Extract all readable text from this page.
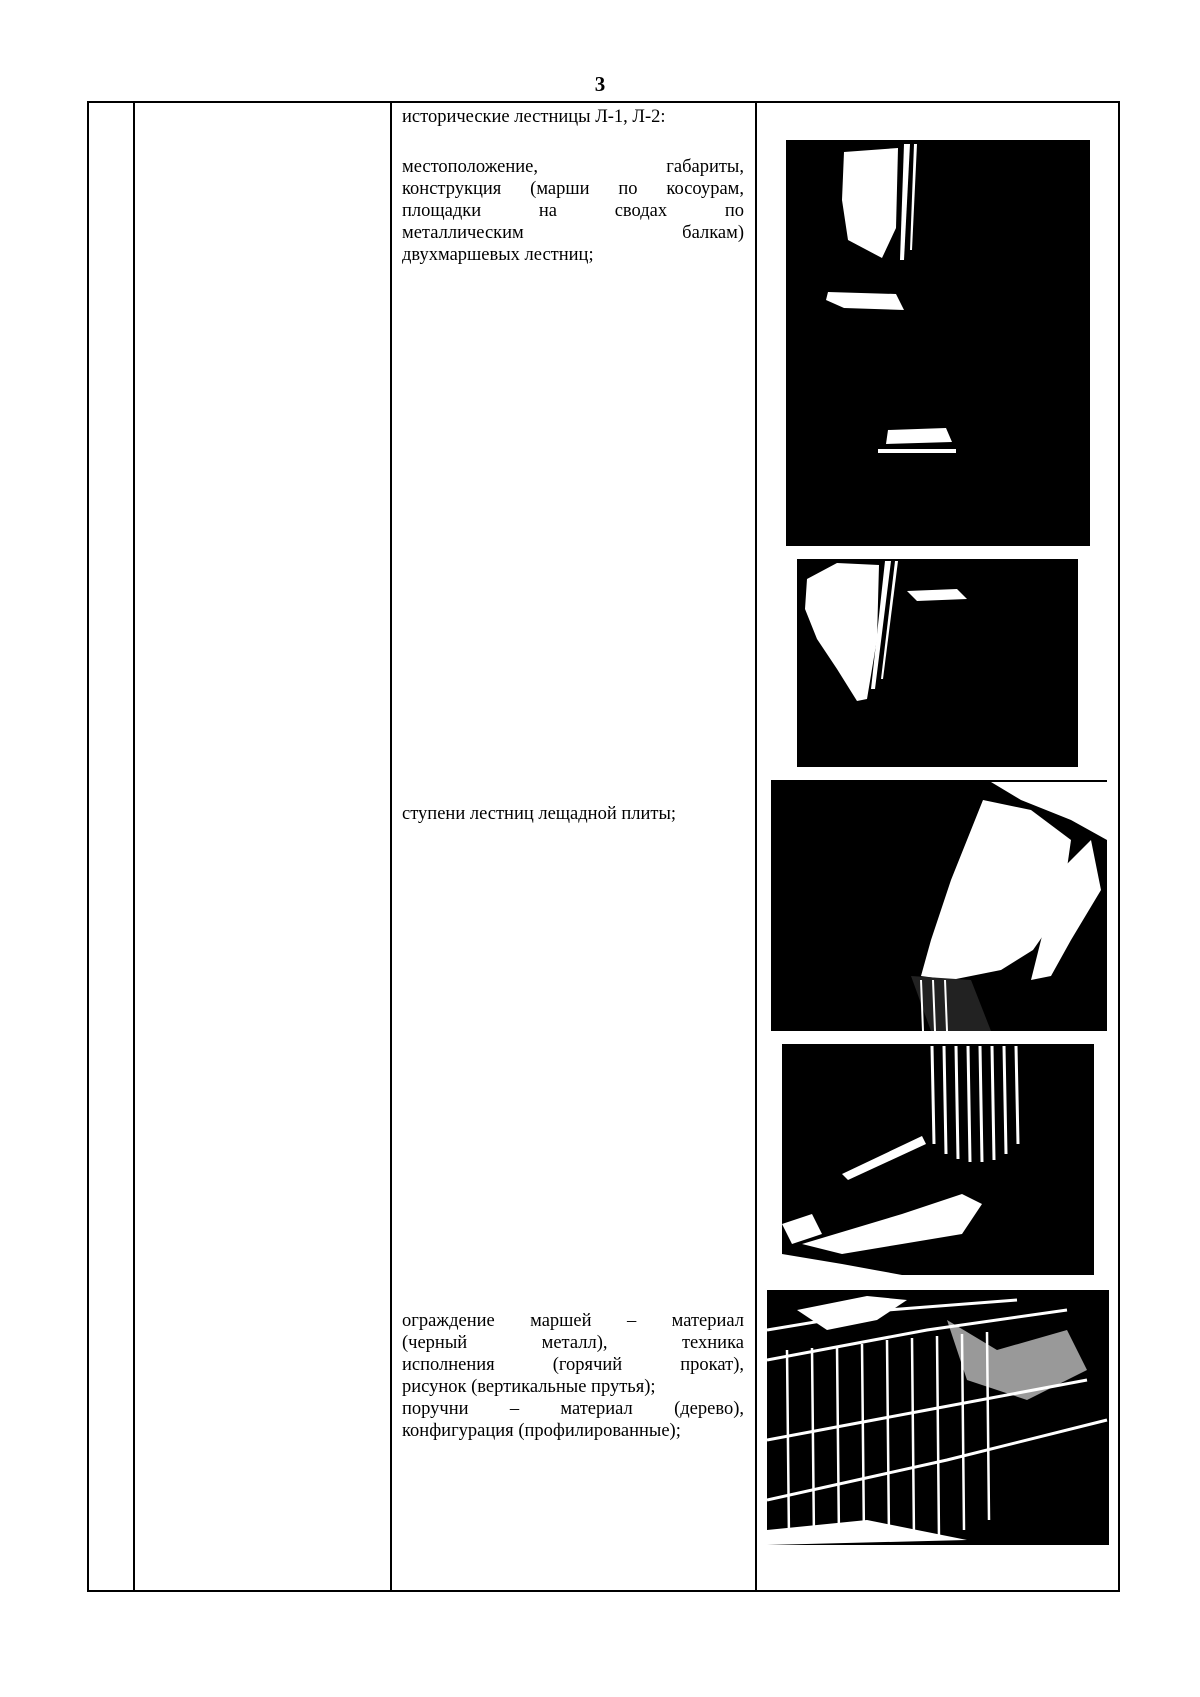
3
исторические лестницы Л-1, Л-2:
местоположение, габариты,
конструкция (марши по косоурам,
площадки на сводах по
металлическим балкам)
двухмаршевых лестниц;
ступени лестниц лещадной плиты;
ограждение маршей – материал
(черный металл), техника
исполнения (горячий прокат),
рисунок (вертикальные прутья);
поручни – материал (дерево),
конфигурация (профилированные);
